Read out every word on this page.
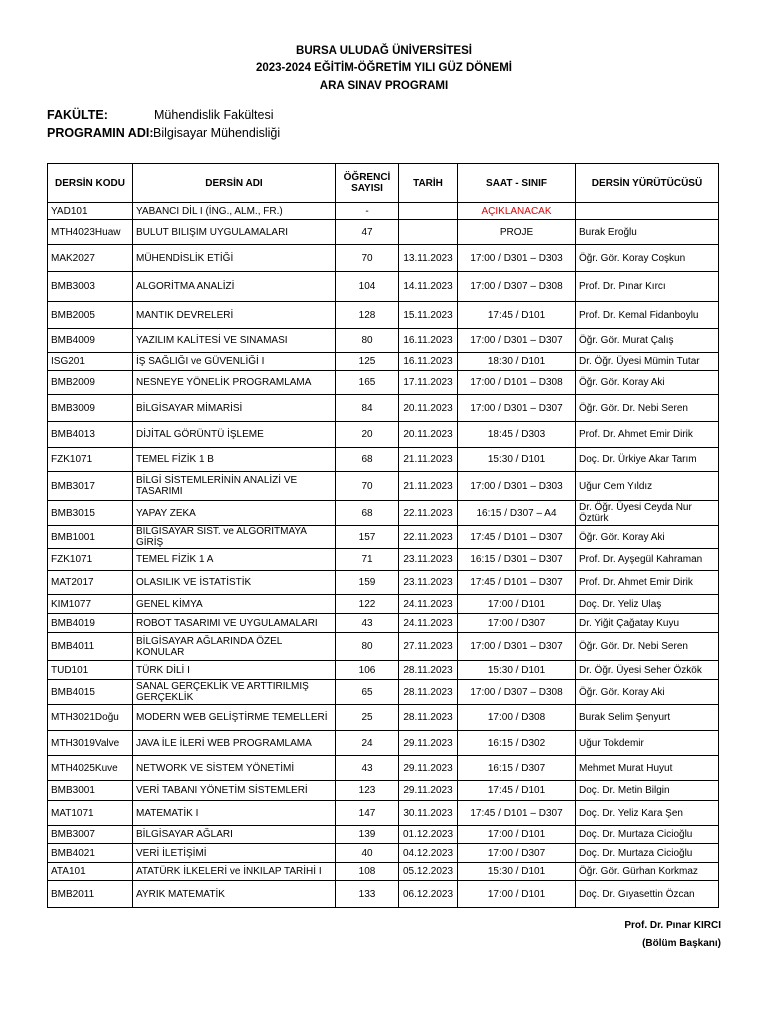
BURSA ULUDAĞ ÜNİVERSİTESİ
2023-2024 EĞİTİM-ÖĞRETİM YILI GÜZ DÖNEMİ
ARA SINAV PROGRAMI
FAKÜLTE:	Mühendislik Fakültesi
PROGRAMIN ADI: Bilgisayar Mühendisliği
DERSİN KODU	DERSİN ADI	ÖĞRENCİ SAYISI	TARİH	SAAT - SINIF	DERSİN YÜRÜTÜCÜSÜ
YAD101	YABANCI DİL I (İNG., ALM., FR.)	-		AÇIKLANACAK	
MTH4023Huaw	BULUT BILIŞIM UYGULAMALARI	47		PROJE	Burak Eroğlu
MAK2027	MÜHENDİSLİK ETİĞİ	70	13.11.2023	17:00 / D301 – D303	Öğr. Gör. Koray Coşkun
BMB3003	ALGORİTMA ANALİZİ	104	14.11.2023	17:00 / D307 – D308	Prof. Dr. Pınar Kırcı
BMB2005	MANTIK DEVRELERİ	128	15.11.2023	17:45 / D101	Prof. Dr. Kemal Fidanboylu
BMB4009	YAZILIM KALİTESİ VE SINAMASI	80	16.11.2023	17:00 / D301 – D307	Öğr. Gör. Murat Çalış
ISG201	İŞ SAĞLIĞI ve GÜVENLİĞİ I	125	16.11.2023	18:30 / D101	Dr. Öğr. Üyesi Mümin Tutar
BMB2009	NESNEYE YÖNELİK PROGRAMLAMA	165	17.11.2023	17:00 / D101 – D308	Öğr. Gör. Koray Aki
BMB3009	BİLGİSAYAR MİMARİSİ	84	20.11.2023	17:00 / D301 – D307	Öğr. Gör. Dr. Nebi Seren
BMB4013	DİJİTAL GÖRÜNTÜ İŞLEME	20	20.11.2023	18:45 / D303	Prof. Dr. Ahmet Emir Dirik
FZK1071	TEMEL FİZİK 1 B	68	21.11.2023	15:30 / D101	Doç. Dr. Ürkiye Akar Tarım
BMB3017	BİLGİ SİSTEMLERİNİN ANALİZİ VE TASARIMI	70	21.11.2023	17:00 / D301 – D303	Uğur Cem Yıldız
BMB3015	YAPAY ZEKA	68	22.11.2023	16:15 / D307 – A4	Dr. Öğr. Üyesi Ceyda Nur Öztürk
BMB1001	BİLGİSAYAR SİST. ve ALGORİTMAYA GİRİŞ	157	22.11.2023	17:45 / D101 – D307	Öğr. Gör. Koray Aki
FZK1071	TEMEL FİZİK 1 A	71	23.11.2023	16:15 / D301 – D307	Prof. Dr. Ayşegül Kahraman
MAT2017	OLASILIK VE İSTATİSTİK	159	23.11.2023	17:45 / D101 – D307	Prof. Dr. Ahmet Emir Dirik
KIM1077	GENEL KİMYA	122	24.11.2023	17:00 / D101	Doç. Dr. Yeliz Ulaş
BMB4019	ROBOT TASARIMI VE UYGULAMALARI	43	24.11.2023	17:00 / D307	Dr. Yiğit Çağatay Kuyu
BMB4011	BİLGİSAYAR AĞLARINDA ÖZEL KONULAR	80	27.11.2023	17:00 / D301 – D307	Öğr. Gör. Dr. Nebi Seren
TUD101	TÜRK DİLİ I	106	28.11.2023	15:30 / D101	Dr. Öğr. Üyesi Seher Özkök
BMB4015	SANAL GERÇEKLİK VE ARTTIRILMIŞ GERÇEKLİK	65	28.11.2023	17:00 / D307 – D308	Öğr. Gör. Koray Aki
MTH3021Doğu	MODERN WEB GELİŞTİRME TEMELLERİ	25	28.11.2023	17:00 / D308	Burak Selim Şenyurt
MTH3019Valve	JAVA İLE İLERİ WEB PROGRAMLAMA	24	29.11.2023	16:15 / D302	Uğur Tokdemir
MTH4025Kuve	NETWORK VE SİSTEM YÖNETİMİ	43	29.11.2023	16:15 / D307	Mehmet Murat Huyut
BMB3001	VERİ TABANI YÖNETİM SİSTEMLERİ	123	29.11.2023	17:45 / D101	Doç. Dr. Metin Bilgin
MAT1071	MATEMATİK I	147	30.11.2023	17:45 / D101 – D307	Doç. Dr. Yeliz Kara Şen
BMB3007	BİLGİSAYAR AĞLARI	139	01.12.2023	17:00 / D101	Doç. Dr. Murtaza Cicioğlu
BMB4021	VERİ İLETİŞİMİ	40	04.12.2023	17:00 / D307	Doç. Dr. Murtaza Cicioğlu
ATA101	ATATÜRK İLKELERİ ve İNKILAP TARİHİ I	108	05.12.2023	15:30 / D101	Öğr. Gör. Gürhan Korkmaz
BMB2011	AYRIK MATEMATİK	133	06.12.2023	17:00 / D101	Doç. Dr. Gıyasettin Özcan
Prof. Dr. Pınar KIRCI
(Bölüm Başkanı)
